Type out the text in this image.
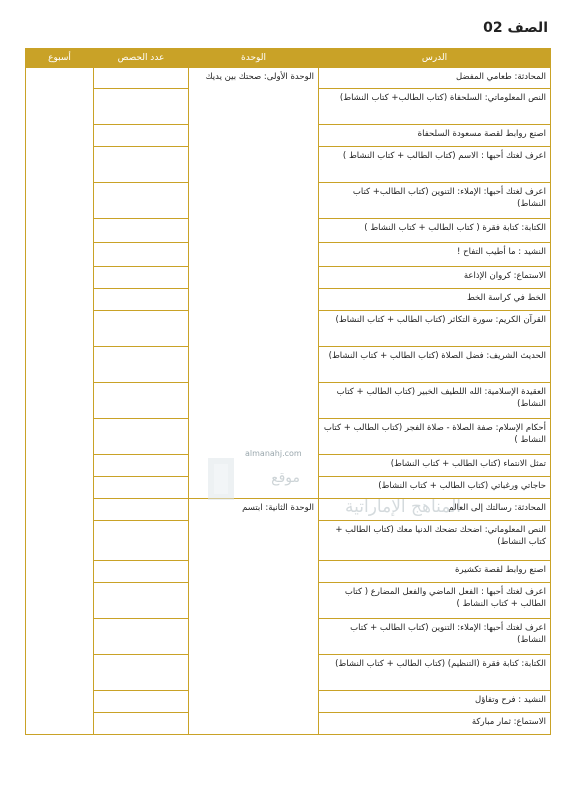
الصف 02
الدرس	الوحدة	عدد الحصص	أسبوع
المحادثة: طعامي المفضل	الوحدة الأولى: صحتك بين يديك		
النص المعلوماتي: السلحفاة (كتاب الطالب+ كتاب النشاط)			
اصنع روابط لقصة مسعودة السلحفاة			
اعرف لغتك أحبها : الاسم (كتاب الطالب + كتاب النشاط )			
اعرف لغتك أحبها: الإملاء: التنوين (كتاب الطالب+ كتاب النشاط)			
الكتابة: كتابة فقرة ( كتاب الطالب + كتاب النشاط )			
النشيد : ما أطيب التفاح !			
الاستماع: كروان الإذاعة			
الخط في كراسة الخط			
القرآن الكريم: سورة التكاثر (كتاب الطالب + كتاب النشاط)			
الحديث الشريف: فضل الصلاة (كتاب الطالب + كتاب النشاط)			
العقيدة الإسلامية: الله اللطيف الخبير (كتاب الطالب + كتاب النشاط)			
أحكام الإسلام: صفة الصلاة - صلاة الفجر (كتاب الطالب + كتاب النشاط )			
تمثل الانتماء (كتاب الطالب + كتاب النشاط)			
حاجاتي ورغباتي (كتاب الطالب + كتاب النشاط)			
المحادثة: رسالتك إلى العالم	الوحدة الثانية: ابتسم		
النص المعلوماتي: اضحك تضحك الدنيا معك (كتاب الطالب + كتاب النشاط)			
اصنع روابط لقصة تكشيرة			
اعرف لغتك أحبها : الفعل الماضي والفعل المضارع ( كتاب الطالب + كتاب النشاط )			
اعرف لغتك أحبها: الإملاء: التنوين (كتاب الطالب + كتاب النشاط)			
الكتابة: كتابة فقرة (التنظيم) (كتاب الطالب + كتاب النشاط)			
النشيد : فرح وتفاؤل			
الاستماع: ثمار مباركة			
almanahj.com
موقع
المناهج الإماراتية
